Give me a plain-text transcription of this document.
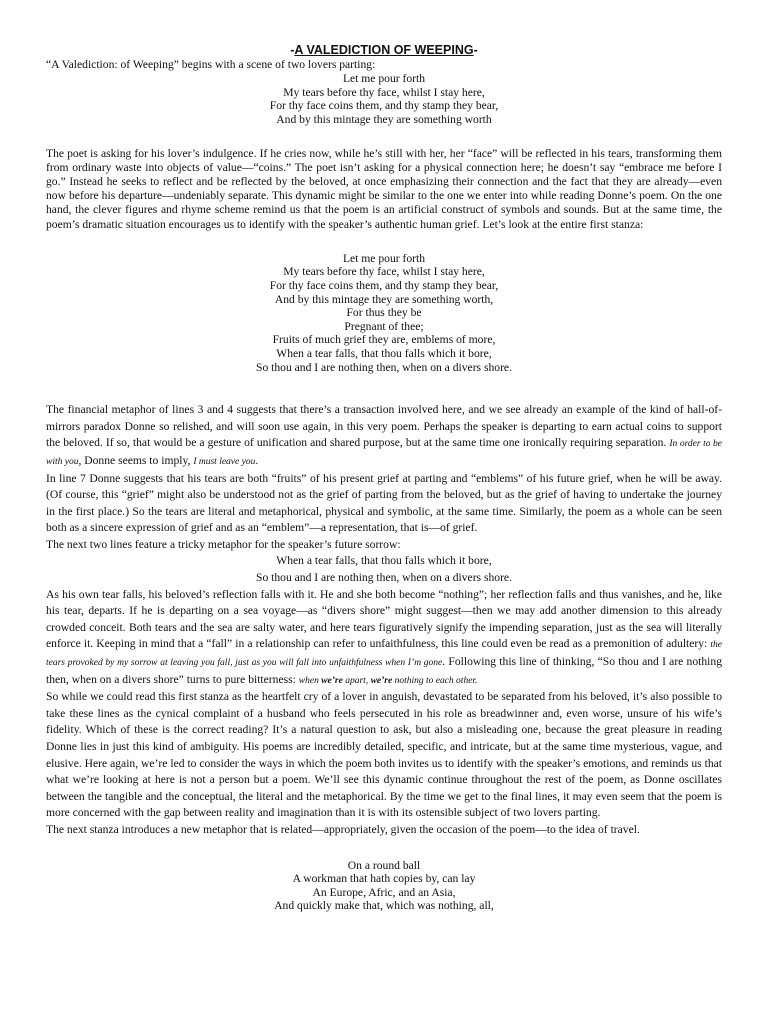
-A VALEDICTION OF WEEPING-

“A Valediction: of Weeping” begins with a scene of two lovers parting:

Let me pour forth
My tears before thy face, whilst I stay here,
For thy face coins them, and thy stamp they bear,
And by this mintage they are something worth

The poet is asking for his lover’s indulgence. If he cries now, while he’s still with her, her “face” will be reflected in his tears, transforming them from ordinary waste into objects of value—“coins.” The poet isn’t asking for a physical connection here; he doesn’t say “embrace me before I go.” Instead he seeks to reflect and be reflected by the beloved, at once emphasizing their connection and the fact that they are already—even now before his departure—undeniably separate. This dynamic might be similar to the one we enter into while reading Donne’s poem. On the one hand, the clever figures and rhyme scheme remind us that the poem is an artificial construct of symbols and sounds. But at the same time, the poem’s dramatic situation encourages us to identify with the speaker’s authentic human grief. Let’s look at the entire first stanza:

Let me pour forth
My tears before thy face, whilst I stay here,
For thy face coins them, and thy stamp they bear,
And by this mintage they are something worth,
For thus they be
Pregnant of thee;
Fruits of much grief they are, emblems of more,
When a tear falls, that thou falls which it bore,
So thou and I are nothing then, when on a divers shore.

The financial metaphor of lines 3 and 4 suggests that there’s a transaction involved here, and we see already an example of the kind of hall-of-mirrors paradox Donne so relished, and will soon use again, in this very poem. Perhaps the speaker is departing to earn actual coins to support the beloved. If so, that would be a gesture of unification and shared purpose, but at the same time one ironically requiring separation. In order to be with you, Donne seems to imply, I must leave you.

In line 7 Donne suggests that his tears are both “fruits” of his present grief at parting and “emblems” of his future grief, when he will be away. (Of course, this “grief” might also be understood not as the grief of parting from the beloved, but as the grief of having to undertake the journey in the first place.) So the tears are literal and metaphorical, physical and symbolic, at the same time. Similarly, the poem as a whole can be seen both as a sincere expression of grief and as an “emblem”—a representation, that is—of grief.

The next two lines feature a tricky metaphor for the speaker’s future sorrow:

When a tear falls, that thou falls which it bore,
So thou and I are nothing then, when on a divers shore.

As his own tear falls, his beloved’s reflection falls with it. He and she both become “nothing”; her reflection falls and thus vanishes, and he, like his tear, departs. If he is departing on a sea voyage—as “divers shore” might suggest—then we may add another dimension to this already crowded conceit. Both tears and the sea are salty water, and here tears figuratively signify the impending separation, just as the sea will literally enforce it. Keeping in mind that a “fall” in a relationship can refer to unfaithfulness, this line could even be read as a premonition of adultery: the tears provoked by my sorrow at leaving you fall, just as you will fall into unfaithfulness when I’m gone. Following this line of thinking, “So thou and I are nothing then, when on a divers shore” turns to pure bitterness: when we’re apart, we’re nothing to each other.

So while we could read this first stanza as the heartfelt cry of a lover in anguish, devastated to be separated from his beloved, it’s also possible to take these lines as the cynical complaint of a husband who feels persecuted in his role as breadwinner and, even worse, unsure of his wife’s fidelity. Which of these is the correct reading? It’s a natural question to ask, but also a misleading one, because the great pleasure in reading Donne lies in just this kind of ambiguity. His poems are incredibly detailed, specific, and intricate, but at the same time mysterious, vague, and elusive. Here again, we’re led to consider the ways in which the poem both invites us to identify with the speaker’s emotions, and reminds us that what we’re looking at here is not a person but a poem. We’ll see this dynamic continue throughout the rest of the poem, as Donne oscillates between the tangible and the conceptual, the literal and the metaphorical. By the time we get to the final lines, it may even seem that the poem is more concerned with the gap between reality and imagination than it is with its ostensible subject of two lovers parting.

The next stanza introduces a new metaphor that is related—appropriately, given the occasion of the poem—to the idea of travel.

On a round ball
A workman that hath copies by, can lay
An Europe, Afric, and an Asia,
And quickly make that, which was nothing, all,
